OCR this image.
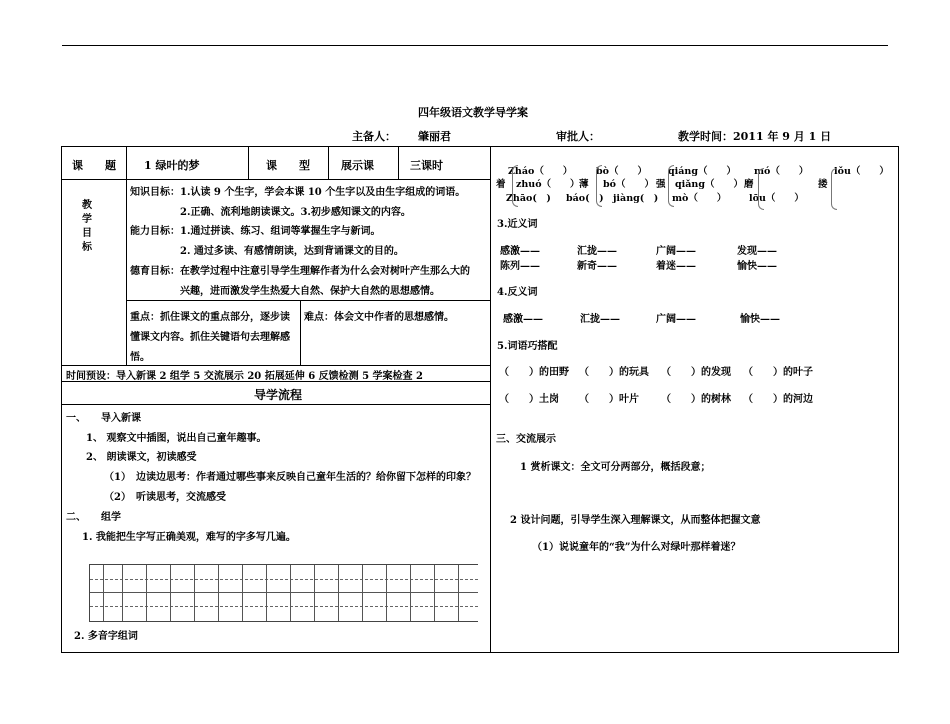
四年级语文教学导学案
主备人： 肇丽君	审批人：	教学时间：2011 年 9 月 1 日
课　　题	1 绿叶的梦	课　　型	展示课	三课时
教
学
目
标
知识目标：1.认读 9 个生字，学会本课 10 个生字以及由生字组成的词语。
2.正确、流利地朗读课文。3.初步感知课文的内容。
能力目标：1.通过拼读、练习、组词等掌握生字与新词。
2. 通过多读、有感情朗读，达到背诵课文的目的。
德育目标：在教学过程中注意引导学生理解作者为什么会对树叶产生那么大的
兴趣，进而激发学生热爱大自然、保护大自然的思想感情。
重点：抓住课文的重点部分，逐步读
懂课文内容。抓住关键语句去理解感
悟。
难点：体会文中作者的思想感情。
时间预设：导入新课 2 组学 5 交流展示 20 拓展延伸 6 反馈检测 5 学案检查 2
导学流程
一、　　导入新课
1、 观察文中插图，说出自己童年趣事。
2、 朗读课文，初读感受
（1）　边读边思考：作者通过哪些事来反映自己童年生活的？给你留下怎样的印象？
（2）　听读思考，交流感受
二、　　组学
1. 我能把生字写正确美观，难写的字多写几遍。
2. 多音字组词
Zháo（　　） bò（　　） qiáng（　　） mó（　　）	lǒu（　　）
着 zhuó（　　） 薄 bó（　　） 强 qiǎng（　　） 磨	搂
Zhāo(　) báo(　) jiàng(　) mò（　　） lōu（　　）
3.近义词
感激——	汇拢——	广阔——	发现——
陈列——	新奇——	着迷——	愉快——
4.反义词
感激——	汇拢——	广阔——	愉快——
5.词语巧搭配
（　　）的田野 （　　）的玩具 （　　）的发现 （　　）的叶子
（　　）土岗 （　　）叶片 （　　）的树林 （　　）的河边
三、交流展示
1 赏析课文：全文可分两部分，概括段意；
2 设计问题，引导学生深入理解课文，从而整体把握文意
（1）说说童年的“我”为什么对绿叶那样着迷？
